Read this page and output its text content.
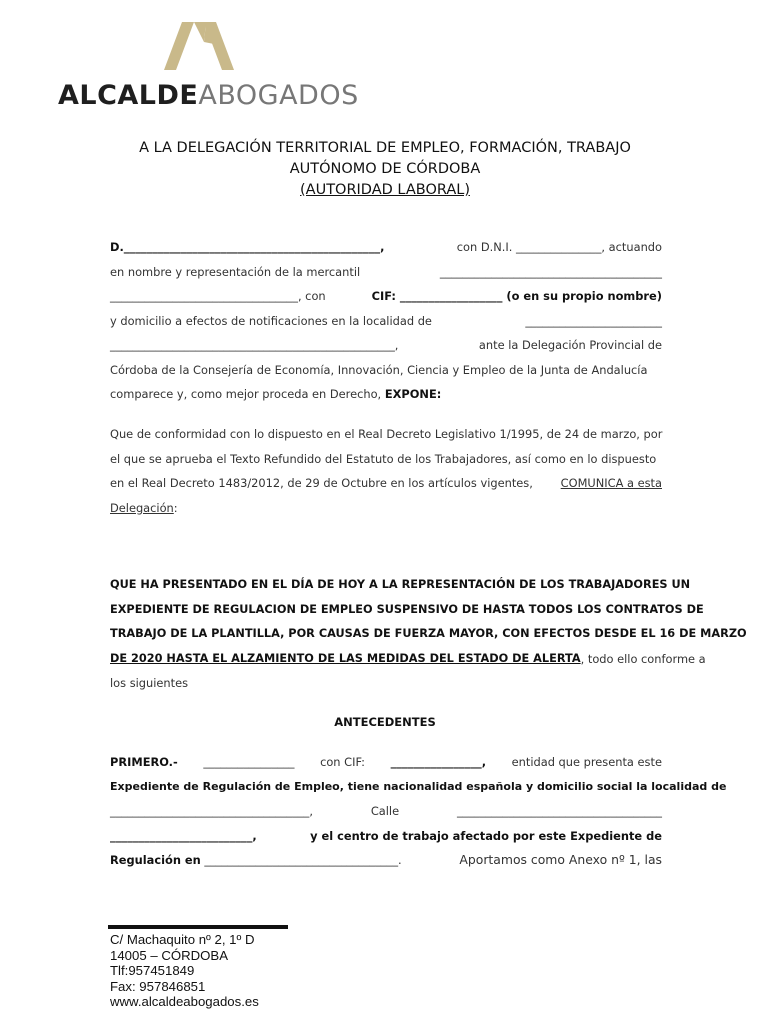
ALCALDEABOGADOS
A LA DELEGACIÓN TERRITORIAL DE EMPLEO, FORMACIÓN, TRABAJO
AUTÓNOMO DE CÓRDOBA
(AUTORIDAD LABORAL)
D._____________________________________________,	con D.N.I. _______________, actuando
en nombre y representación de la mercantil	_______________________________________
_________________________________, con	CIF: __________________ (o en su propio nombre)
y domicilio a efectos de notificaciones en la localidad de	________________________
__________________________________________________,	ante la Delegación Provincial de
Córdoba de la Consejería de Economía, Innovación, Ciencia y Empleo de la Junta de Andalucía
comparece y, como mejor proceda en Derecho, EXPONE:
Que de conformidad con lo dispuesto en el Real Decreto Legislativo 1/1995, de 24 de marzo, por
el que se aprueba el Texto Refundido del Estatuto de los Trabajadores, así como en lo dispuesto
en el Real Decreto 1483/2012, de 29 de Octubre en los artículos vigentes, COMUNICA a esta
Delegación:
QUE HA PRESENTADO EN EL DÍA DE HOY A LA REPRESENTACIÓN DE LOS TRABAJADORES UN
EXPEDIENTE DE REGULACION DE EMPLEO SUSPENSIVO DE HASTA TODOS LOS CONTRATOS DE
TRABAJO DE LA PLANTILLA, POR CAUSAS DE FUERZA MAYOR, CON EFECTOS DESDE EL 16 DE MARZO
DE 2020 HASTA EL ALZAMIENTO DE LAS MEDIDAS DEL ESTADO DE ALERTA , todo ello conforme a
los siguientes
ANTECEDENTES
PRIMERO.- ________________ con CIF: ________________, entidad que presenta este
Expediente de Regulación de Empleo, tiene nacionalidad española y domicilio social la localidad de
___________________________________,	Calle	____________________________________
_________________________,	y el centro de trabajo afectado por este Expediente de
Regulación en __________________________________.	Aportamos como Anexo nº 1, las
C/ Machaquito nº 2, 1º D
14005 – CÓRDOBA
Tlf:957451849
Fax: 957846851
www.alcaldeabogados.es
